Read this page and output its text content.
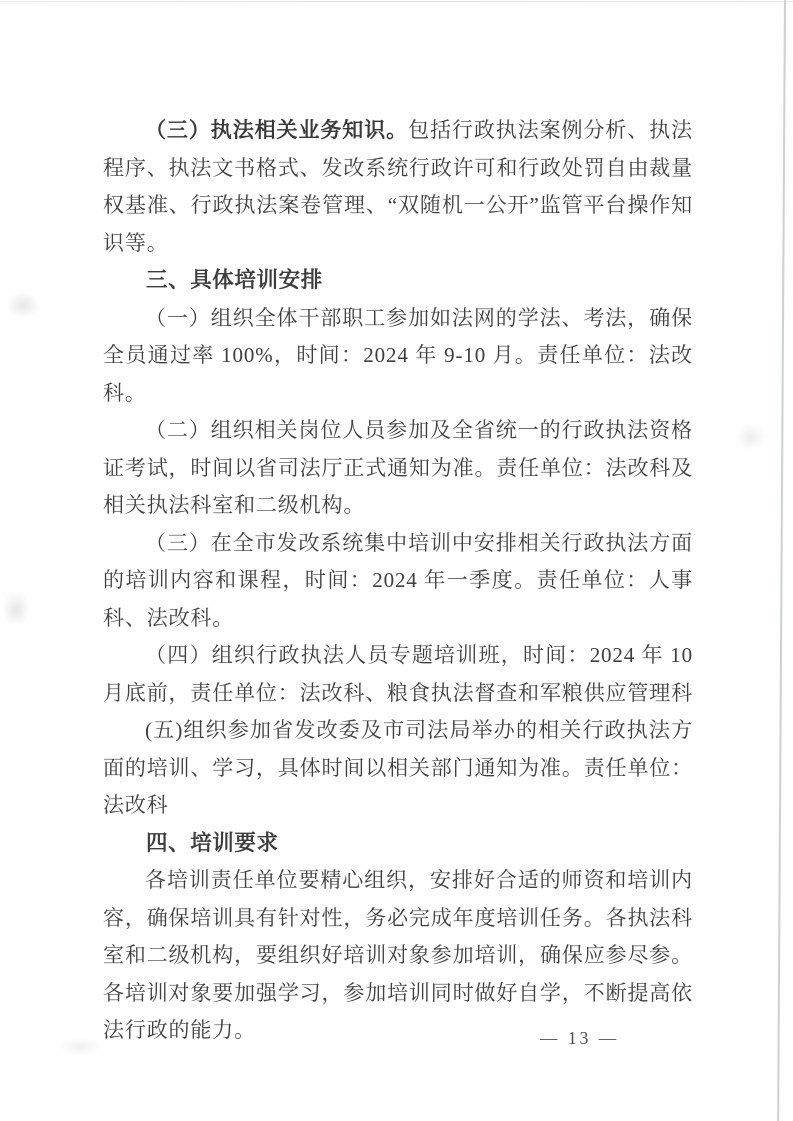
（三）执法相关业务知识。包括行政执法案例分析、执法程序、执法文书格式、发改系统行政许可和行政处罚自由裁量权基准、行政执法案卷管理、“双随机一公开”监管平台操作知识等。

三、具体培训安排

（一）组织全体干部职工参加如法网的学法、考法，确保全员通过率 100%，时间：2024 年 9-10 月。责任单位：法改科。

（二）组织相关岗位人员参加及全省统一的行政执法资格证考试，时间以省司法厅正式通知为准。责任单位：法改科及相关执法科室和二级机构。

（三）在全市发改系统集中培训中安排相关行政执法方面的培训内容和课程，时间：2024 年一季度。责任单位：人事科、法改科。

（四）组织行政执法人员专题培训班，时间：2024 年 10 月底前，责任单位：法改科、粮食执法督查和军粮供应管理科

(五)组织参加省发改委及市司法局举办的相关行政执法方面的培训、学习，具体时间以相关部门通知为准。责任单位：法改科

四、培训要求

各培训责任单位要精心组织，安排好合适的师资和培训内容，确保培训具有针对性，务必完成年度培训任务。各执法科室和二级机构，要组织好培训对象参加培训，确保应参尽参。各培训对象要加强学习，参加培训同时做好自学，不断提高依法行政的能力。	— 13 —
